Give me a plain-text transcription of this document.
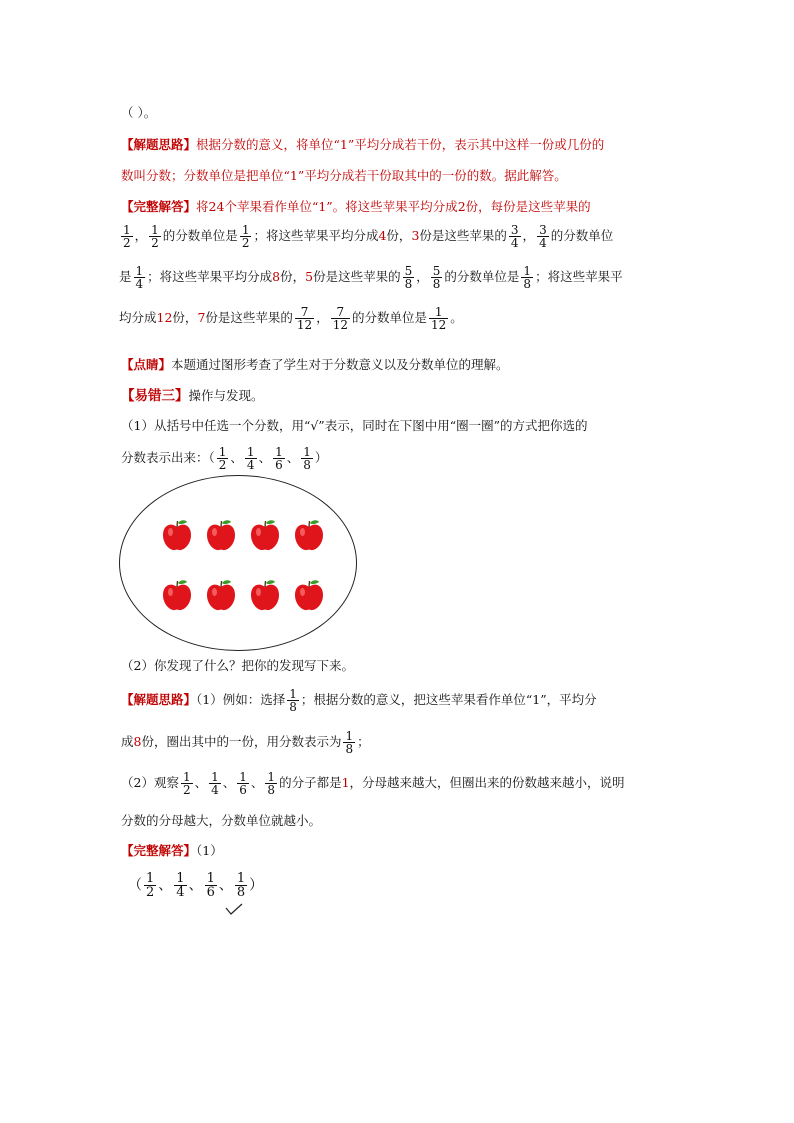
（ ）。
【解题思路】根据分数的意义，将单位“1”平均分成若干份，表示其中这样一份或几份的
数叫分数；分数单位是把单位“1”平均分成若干份取其中的一份的数。据此解答。
【完整解答】将24个苹果看作单位“1”。将这些苹果平均分成2份，每份是这些苹果的
$\frac{1}{2}$ ， $\frac{1}{2}$ 的分数单位是 $\frac{1}{2}$ ；将这些苹果平均分成4份，3份是这些苹果的 $\frac{3}{4}$ ， $\frac{3}{4}$ 的分数单位
是 $\frac{1}{4}$ ；将这些苹果平均分成8份，5份是这些苹果的 $\frac{5}{8}$ ， $\frac{5}{8}$ 的分数单位是 $\frac{1}{8}$ ；将这些苹果平
均分成12份，7份是这些苹果的 $\frac{7}{12}$ ， $\frac{7}{12}$ 的分数单位是 $\frac{1}{12}$ 。
【点睛】本题通过图形考查了学生对于分数意义以及分数单位的理解。
【易错三】操作与发现。
（1）从括号中任选一个分数，用“√”表示，同时在下图中用“圈一圈”的方式把你选的
分数表示出来：（ $\frac{1}{2}$ 、 $\frac{1}{4}$ 、 $\frac{1}{6}$ 、 $\frac{1}{8}$ ）
（2）你发现了什么？把你的发现写下来。
【解题思路】（1）例如：选择 $\frac{1}{8}$ ；根据分数的意义，把这些苹果看作单位“1”，平均分
成8份，圈出其中的一份，用分数表示为 $\frac{1}{8}$ ；
（2）观察 $\frac{1}{2}$ 、 $\frac{1}{4}$ 、 $\frac{1}{6}$ 、 $\frac{1}{8}$ 的分子都是1，分母越来越大，但圈出来的份数越来越小，说明
分数的分母越大，分数单位就越小。
【完整解答】（1）
（ $\frac{1}{2}$ 、 $\frac{1}{4}$ 、 $\frac{1}{6}$ 、 $\frac{1}{8}$ ）
